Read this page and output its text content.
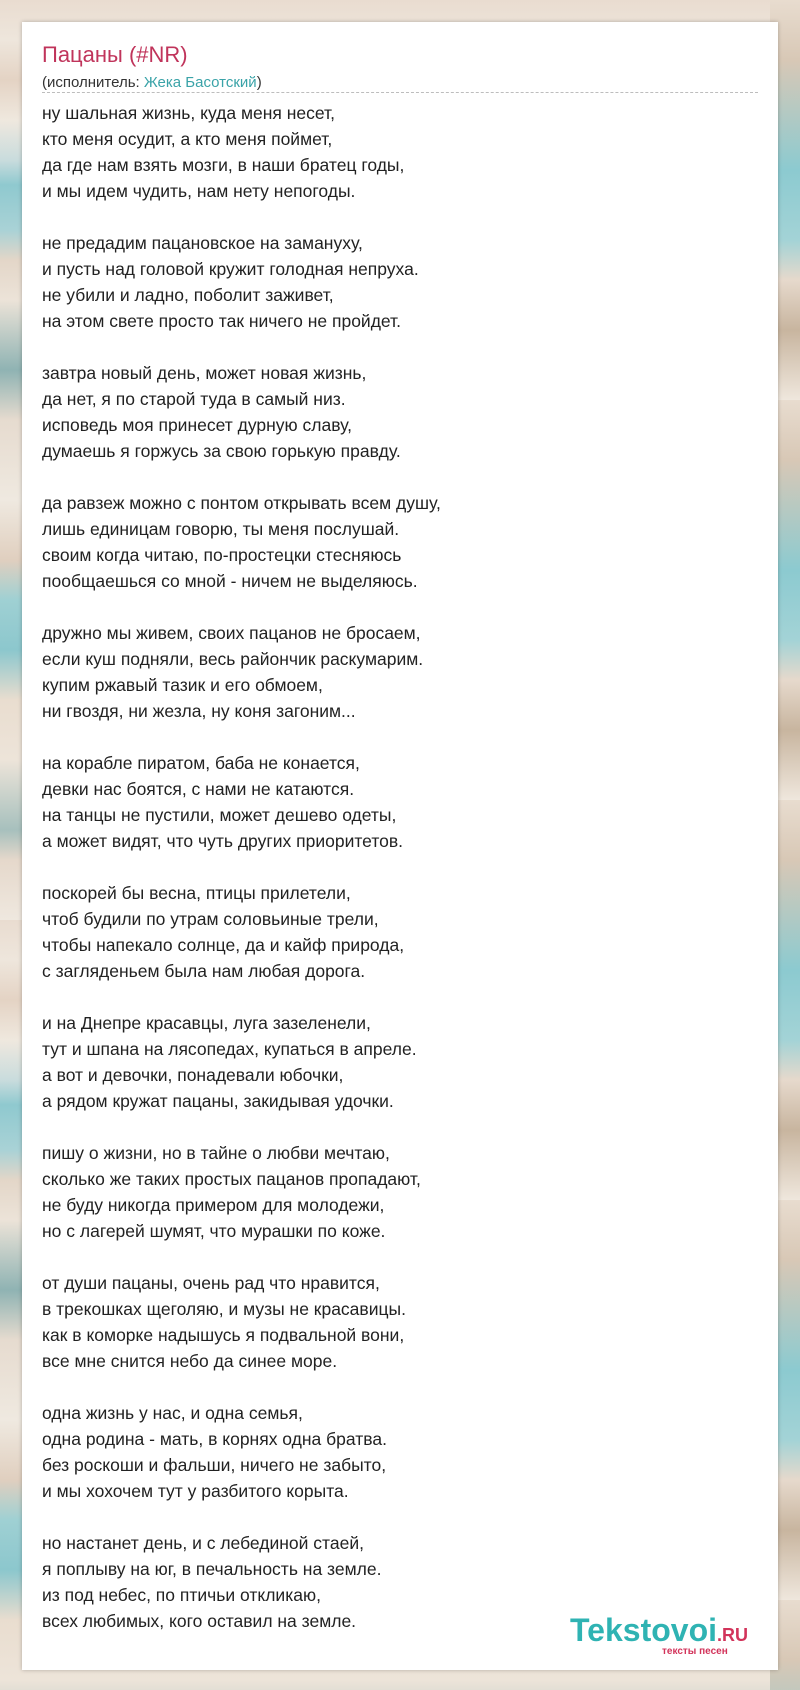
Пацаны (#NR)
(исполнитель: Жека Басотский)
ну шальная жизнь, куда меня несет,
кто меня осудит, а кто меня поймет,
да где нам взять мозги, в наши братец годы,
и мы идем чудить, нам нету непогоды.
не предадим пацановское на замануху,
и пусть над головой кружит голодная непруха.
не убили и ладно, поболит заживет,
на этом свете просто так ничего не пройдет.
завтра новый день, может новая жизнь,
да нет, я по старой туда в самый низ.
исповедь моя принесет дурную славу,
думаешь я горжусь за свою горькую правду.
да равзеж можно с понтом открывать всем душу,
лишь единицам говорю, ты меня послушай.
своим когда читаю, по-простецки стесняюсь
пообщаешься со мной - ничем не выделяюсь.
дружно мы живем, своих пацанов не бросаем,
если куш подняли, весь райончик раскумарим.
купим ржавый тазик и его обмоем,
ни гвоздя, ни жезла, ну коня загоним...
на корабле пиратом, баба не конается,
девки нас боятся, с нами не катаются.
на танцы не пустили, может дешево одеты,
а может видят, что чуть других приоритетов.
поскорей бы весна, птицы прилетели,
чтоб будили по утрам соловьиные трели,
чтобы напекало солнце, да и кайф природа,
с загляденьем была нам любая дорога.
и на Днепре красавцы, луга зазеленели,
тут и шпана на лясопедах, купаться в апреле.
а вот и девочки, понадевали юбочки,
а рядом кружат пацаны, закидывая удочки.
пишу о жизни, но в тайне о любви мечтаю,
сколько же таких простых пацанов пропадают,
не буду никогда примером для молодежи,
но с лагерей шумят, что мурашки по коже.
от души пацаны, очень рад что нравится,
в трекошках щеголяю, и музы не красавицы.
как в коморке надышусь я подвальной вони,
все мне снится небо да синее море.
одна жизнь у нас, и одна семья,
одна родина - мать, в корнях одна братва.
без роскоши и фальши, ничего не забыто,
и мы хохочем тут у разбитого корыта.
но настанет день, и с лебединой стаей,
я поплыву на юг, в печальность на земле.
из под небес, по птичьи откликаю,
всех любимых, кого оставил на земле.	Tekstovoi.RU
тексты песен
